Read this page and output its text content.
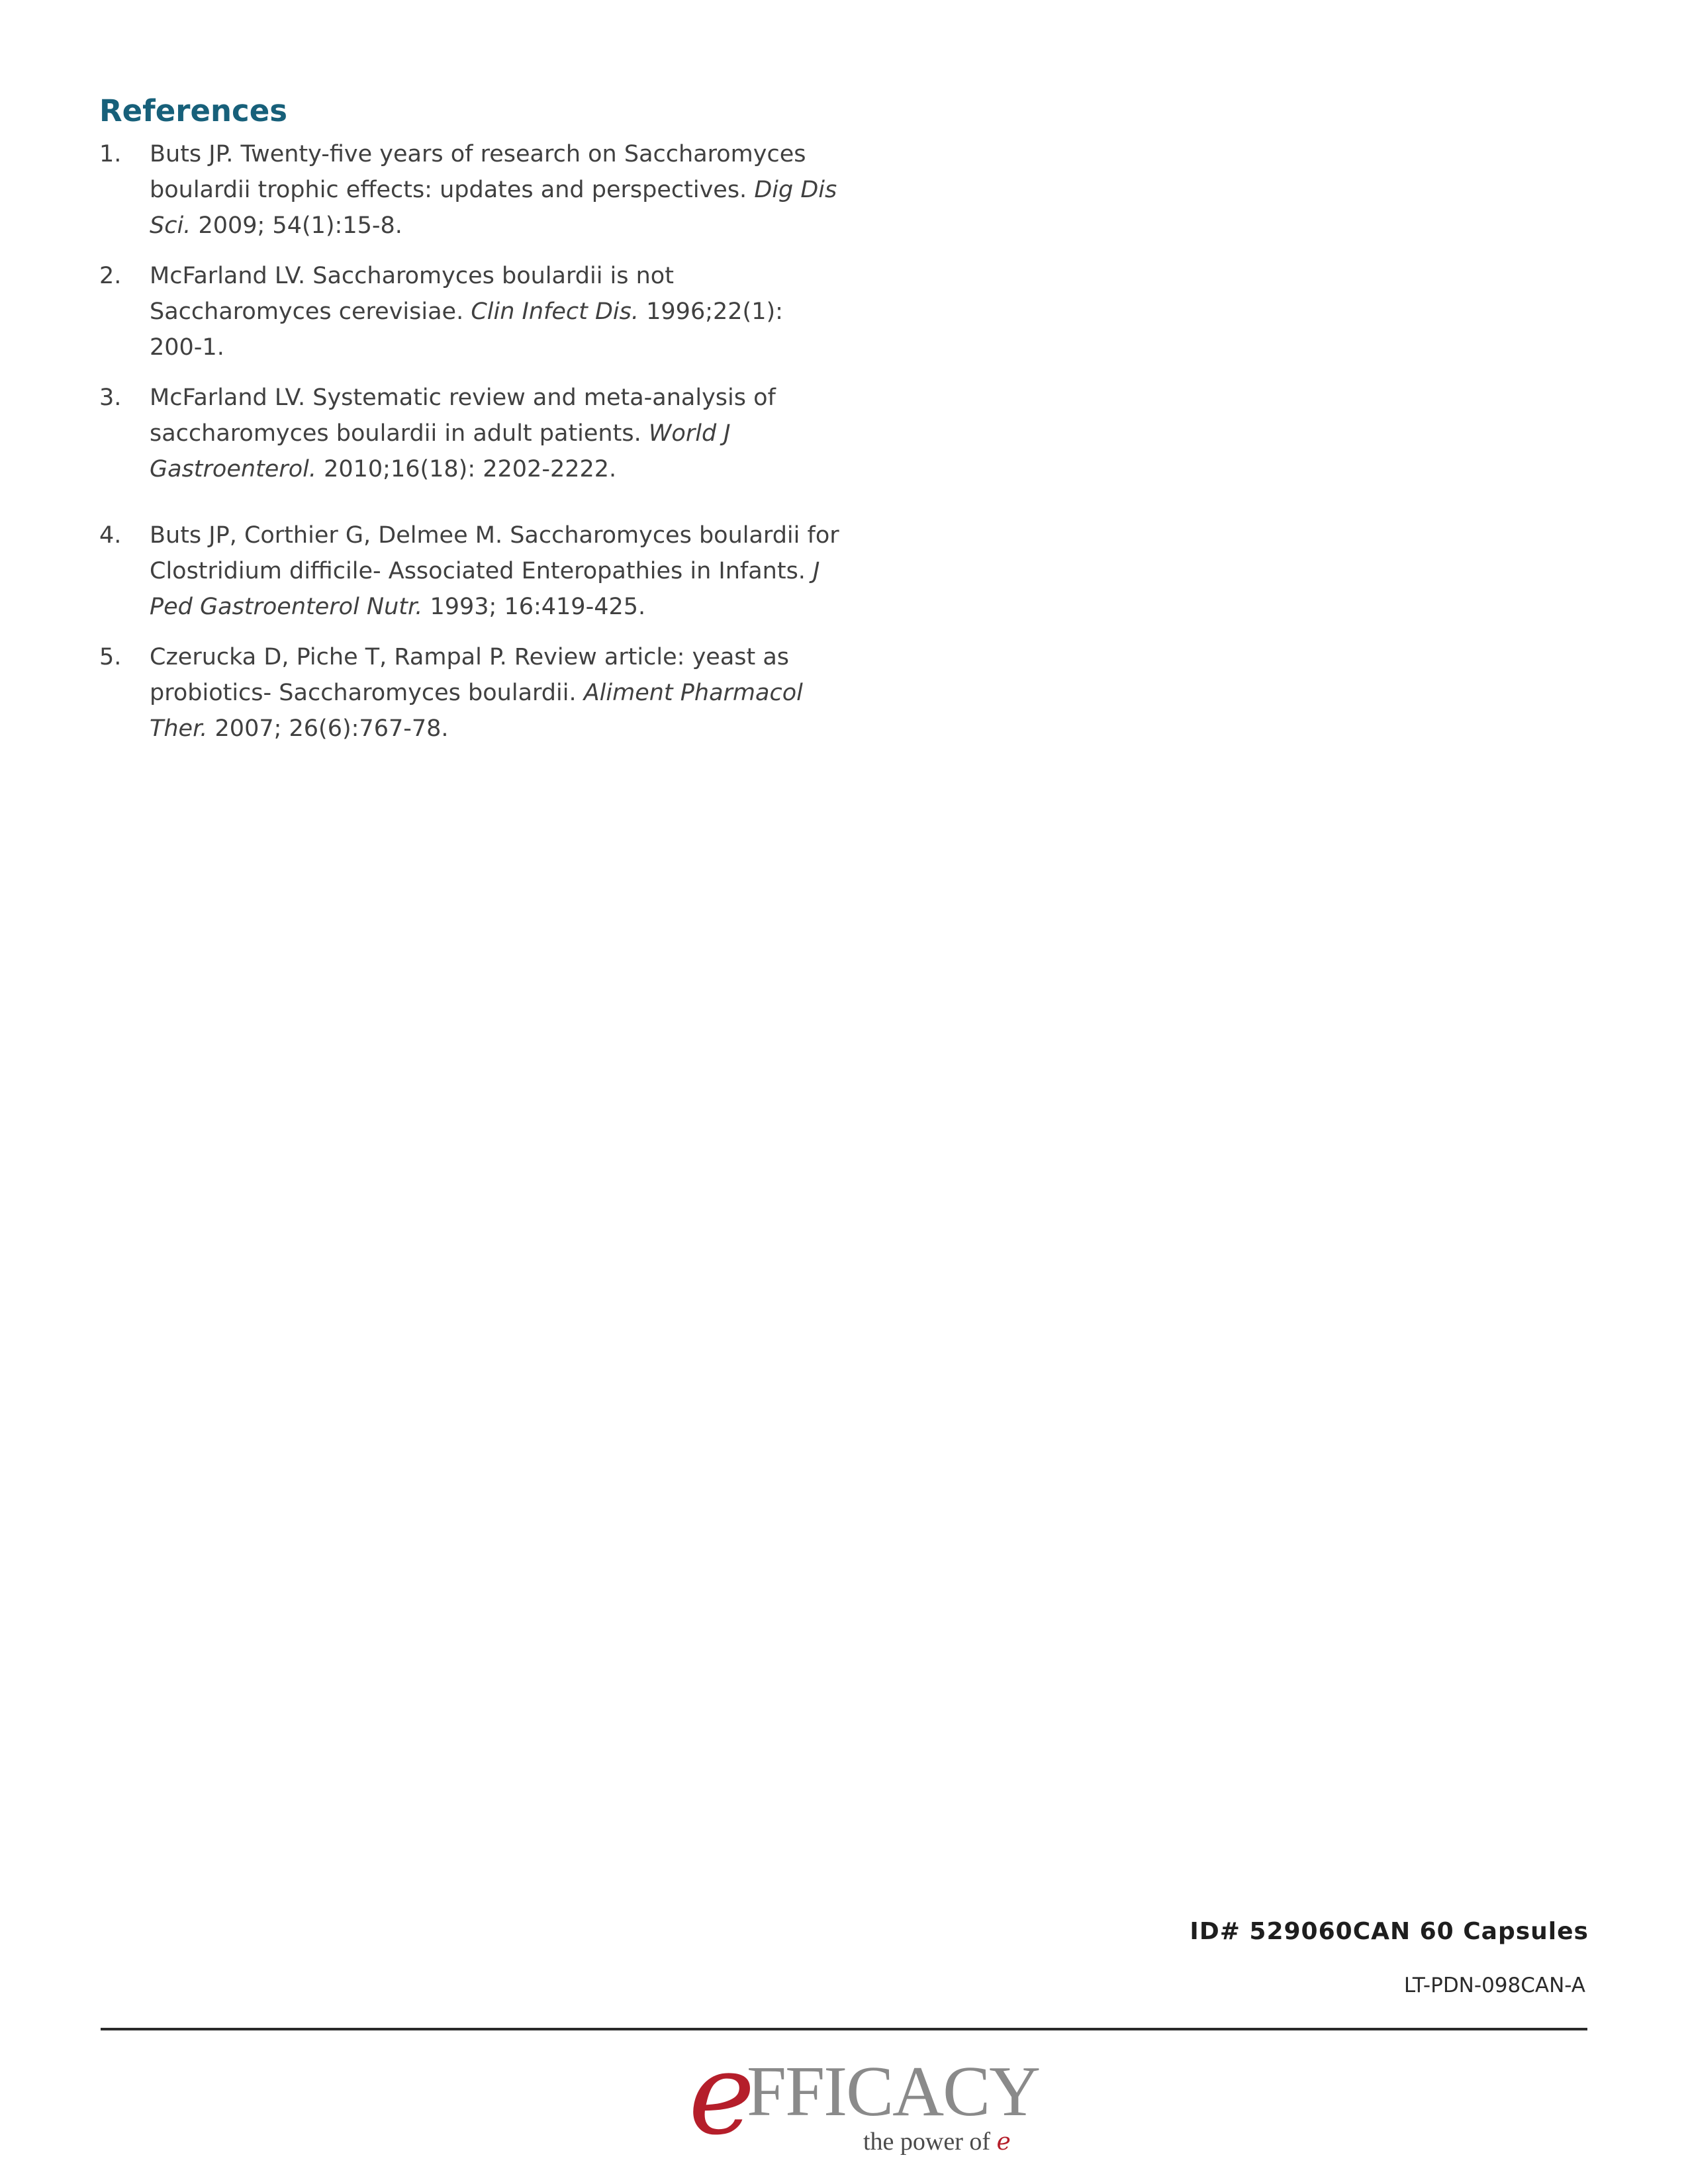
References
1.	Buts JP. Twenty-five years of research on Saccharomyces boulardii trophic effects: updates and perspectives. Dig Dis Sci. 2009; 54(1):15-8.
2.	McFarland LV. Saccharomyces boulardii is not Saccharomyces cerevisiae. Clin Infect Dis. 1996;22(1): 200-1.
3.	McFarland LV. Systematic review and meta-analysis of saccharomyces boulardii in adult patients. World J Gastroenterol. 2010;16(18): 2202-2222.
4.	Buts JP, Corthier G, Delmee M. Saccharomyces boulardii for Clostridium difficile- Associated Enteropathies in Infants. J Ped Gastroenterol Nutr. 1993; 16:419-425.
5.	Czerucka D, Piche T, Rampal P. Review article: yeast as probiotics- Saccharomyces boulardii. Aliment Pharmacol Ther. 2007; 26(6):767-78.
ID# 529060CAN 60 Capsules
LT-PDN-098CAN-A
e
FFICACY
the power of e
